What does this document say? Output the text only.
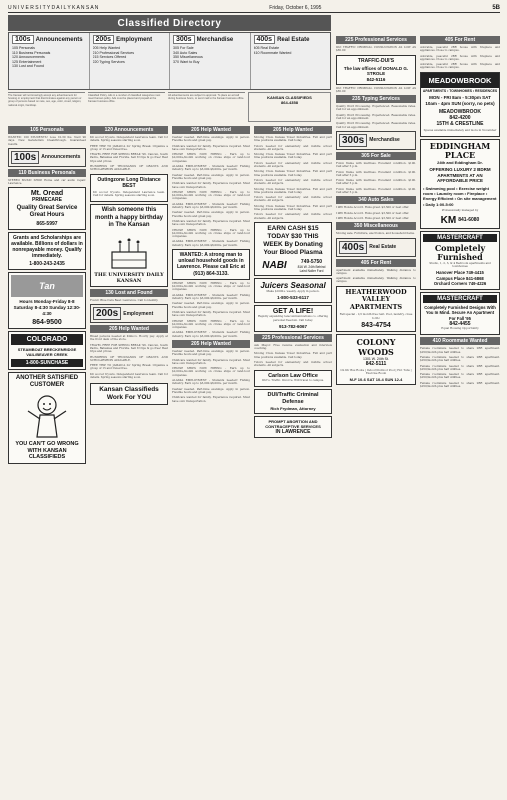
U N I V E R S I T Y D A I L Y K A N S A N	Friday, October 6, 1995	5B
Classified Directory
100s Announcements
105 Personals
110 Business Personals
120 Announcements
125 Entertainment
130 Lost and Found
200s Employment
205 Help Wanted
210 Professional Services
215 Services Offered
220 Typing Services
300s Merchandise
305 For Sale
340 Auto Sales
350 Miscellaneous
370 Want to Buy
400s Real Estate
405 Real Estate
410 Roommate Wanted
The Kansan will not knowingly accept any advertisement for housing or employment that discriminates against any person or group of persons based on race, sex, age, color, creed, religion, national origin, handicap.
Classified Policy. Ads in a number of classified categories must meet Kansan policy. Ads must be placed and prepaid at the Kansan business office.
All advertisements are subject to approval. To place an ad call during business hours, or send mail to the Kansan business office.	KANSAN CLASSIFIEDS
864-4358
105 Personals
WANTED: 100 STUDENTS! Lose 10-30 lbs. Next 90 days. New metabolism breakthrough. Guaranteed results.
100s	Announcements
110 Business Personals
STEREO MUSIC SHOP. Home and car audio repair. Lawrence.
Mt. Oread
PRIMECARE
Quality Great Service Great Hours
865-5997
Grants and Scholarships are available. Billions of dollars in nonrepayable money. Qualify immediately.
1-800-243-2435
Tan
Hours Monday-Friday 8-8 Saturday 8-4:30 Sunday 12:30-4:30
864-9500
COLORADO
STEAMBOAT BRECKENRIDGE VAIL/BEAVER CREEK
1-800-SUNCHASE
ANOTHER SATISFIED CUSTOMER
YOU CAN'T GO WRONG WITH KANSAN CLASSIFIEDS
120 Announcements
KU soccer tryouts. Independent Lawrence team. Call for details. Spring seasons starting soon.
FREE TRIP TO JAMAICA for Spring Break. Organize a group of 15 and travel free.
TRAVEL FREE FOR SPRING BREAK '96. Cancun, South Padre, Bahamas and Florida. Sell 8 trips & go free! Best trips and prices.
HUNDREDS OF THOUSANDS OF GRANTS AND SCHOLARSHIPS AVAILABLE.
Outingzone Long Distance BEST
KU soccer tryouts. Independent Lawrence team. Call for details. Spring seasons starting soon.
Wish someone this month a happy birthday in The Kansan
THE UNIVERSITY DAILY KANSAN
130 Lost and Found
Found: Blue Care Bear. Lawrence. Call to identify.
200s	Employment
205 Help Wanted
Bread persons needed at Kinko's. Hourly pay. Apply at the front desk of the store.
TRAVEL FREE FOR SPRING BREAK '96. Cancun, South Padre, Bahamas and Florida. Sell 8 trips & go free! Best trips and prices.
HUNDREDS OF THOUSANDS OF GRANTS AND SCHOLARSHIPS AVAILABLE.
FREE TRIP TO JAMAICA for Spring Break. Organize a group of 15 and travel free.
KU soccer tryouts. Independent Lawrence team. Call for details. Spring seasons starting soon.
Kansan Classifieds Work For YOU
205 Help Wanted
Cashier needed. Part-time evenings. Apply in person. Flexible hours and great pay.
Childcare wanted for family. Experience required. Must have own transportation.
CRUISE SHIPS NOW HIRING - Earn up to $2,000+/month working on cruise ships or land-tour companies.
ALASKA EMPLOYMENT - Students needed! Fishing industry. Earn up to $3,000-$6,000+ per month.
Cashier needed. Part-time evenings. Apply in person. Flexible hours and great pay.
Childcare wanted for family. Experience required. Must have own transportation.
CRUISE SHIPS NOW HIRING - Earn up to $2,000+/month working on cruise ships or land-tour companies.
ALASKA EMPLOYMENT - Students needed! Fishing industry. Earn up to $3,000-$6,000+ per month.
Cashier needed. Part-time evenings. Apply in person. Flexible hours and great pay.
Childcare wanted for family. Experience required. Must have own transportation.
CRUISE SHIPS NOW HIRING - Earn up to $2,000+/month working on cruise ships or land-tour companies.
ALASKA EMPLOYMENT - Students needed! Fishing industry. Earn up to $3,000-$6,000+ per month.
WANTED: A strong man to unload household goods in Lawrence. Please call Eric at (913) 864-3133.
CRUISE SHIPS NOW HIRING - Earn up to $2,000+/month working on cruise ships or land-tour companies.
ALASKA EMPLOYMENT - Students needed! Fishing industry. Earn up to $3,000-$6,000+ per month.
Cashier needed. Part-time evenings. Apply in person. Flexible hours and great pay.
Childcare wanted for family. Experience required. Must have own transportation.
CRUISE SHIPS NOW HIRING - Earn up to $2,000+/month working on cruise ships or land-tour companies.
ALASKA EMPLOYMENT - Students needed! Fishing industry. Earn up to $3,000-$6,000+ per month.
205 Help Wanted
Cashier needed. Part-time evenings. Apply in person. Flexible hours and great pay.
Childcare wanted for family. Experience required. Must have own transportation.
CRUISE SHIPS NOW HIRING - Earn up to $2,000+/month working on cruise ships or land-tour companies.
ALASKA EMPLOYMENT - Students needed! Fishing industry. Earn up to $3,000-$6,000+ per month.
Cashier needed. Part-time evenings. Apply in person. Flexible hours and great pay.
Childcare wanted for family. Experience required. Must have own transportation.
205 Help Wanted
Moving Crew. Kansas Tower Industries. Full and part time positions available. Call today.
Tutors needed for elementary and middle school students. All subjects.
Moving Crew. Kansas Tower Industries. Full and part time positions available. Call today.
Tutors needed for elementary and middle school students. All subjects.
Moving Crew. Kansas Tower Industries. Full and part time positions available. Call today.
Tutors needed for elementary and middle school students. All subjects.
Moving Crew. Kansas Tower Industries. Full and part time positions available. Call today.
Tutors needed for elementary and middle school students. All subjects.
Moving Crew. Kansas Tower Industries. Full and part time positions available. Call today.
Tutors needed for elementary and middle school students. All subjects.
EARN CASH $15 TODAY $30 THIS WEEK By Donating Your Blood Plasma
NABI	749-5750
816 W. 24th Behind Laird Noller Ford
Juicers Seasonal
Make $1000+ weekly. Apply in person.
1-800-533-6117
GET A LIFE!
Rapidly expanding telecommunications co. offering personal freedom. Call today.
913-782-6067
225 Professional Services
Ask Mayor. Free resume evaluation and interview coaching.
Moving Crew. Kansas Tower Industries. Full and part time positions available. Call today.
Tutors needed for elementary and middle school students. All subjects.
Carlson Law Office
DUI's. Traffic. Divorce. Will travel to campus.
DUI/Traffic Criminal Defense
Rich Frydman, Attorney
PROMPT ABORTION AND CONTRACEPTIVE SERVICES
IN LAWRENCE
225 Professional Services
DUI TRAFFIC CRIMINAL CONSULTATION AS LOW AS $65.00
TRAFFIC-DUI'S
The law offices of DONALD G. STROLE
842-5116
DUI TRAFFIC CRIMINAL CONSULTATION AS LOW AS $65.00
235 Typing Services
Quality Word Processing. Experienced. Reasonable rates. Call for an appointment.
Quality Word Processing. Experienced. Reasonable rates. Call for an appointment.
Quality Word Processing. Experienced. Reasonable rates. Call for an appointment.
300s	Merchandise
305 For Sale
Futon frame with mattress. Excellent condition. $100. Call after 5 p.m.
Futon frame with mattress. Excellent condition. $100. Call after 5 p.m.
Futon frame with mattress. Excellent condition. $100. Call after 5 p.m.
Futon frame with mattress. Excellent condition. $100. Call after 5 p.m.
340 Auto Sales
1986 Honda Accord. Runs great. $3,500 or best offer.
1986 Honda Accord. Runs great. $3,500 or best offer.
1986 Honda Accord. Runs great. $3,500 or best offer.
350 Miscellaneous
Moving sale. Furniture, electronics, and household items.
400s	Real Estate
405 For Rent
Apartment available immediately. Walking distance to campus.
Apartment available immediately. Walking distance to campus.
HEATHERWOOD VALLEY APARTMENTS
Fall special - 1/2 month free rent. Pool, laundry, close to KU.
843-4754
COLONY WOODS
1301 W. 24th St.
842-5111
On KU Bus Route | Indoor/Outdoor Pool | Hot Tubs | Exercise Room
M-F 10-6 SAT 10-4 SUN 12-4
405 For Rent
Adorable, peaceful 2BR house with fireplace and appliances. Close to campus.
Adorable, peaceful 2BR house with fireplace and appliances. Close to campus.
Adorable, peaceful 2BR house with fireplace and appliances. Close to campus.
MEADOWBROOK
APARTMENTS • TOWNHOMES • RESIDENCES
MON - FRI 8am - 5:30pm SAT 10am - 4pm SUN (sorry, no pets)
MEADOWBROOK
842-4200
15TH & CRESTLINE
Spaces available immediately and more in November
EDDINGHAM PLACE
24th and Eddingham Dr.
OFFERING LUXURY 2 BDRM APARTMENTS AT AN AFFORDABLE PRICE
• Swimming pool • Exercise weight room • Laundry room • Fireplace • Energy Efficient • On site management • Daily 1:00-5:00
Professionally managed by
KM 841-6080
MASTERCRAFT
Completely Furnished
Studio, 1, 2, 3, & 4 Bedroom apartments and townhomes
Hanover Place 749-4415
Campus Place 841-6868
Orchard Corners 749-4226
MASTERCRAFT
Completely Furnished Designs With You In Mind. Secure An Apartment For Fall '95
842-4455
Equal Housing Opportunity
410 Roommate Wanted
Female roommate needed to share 2BR apartment. $250/month plus half utilities.
Female roommate needed to share 2BR apartment. $250/month plus half utilities.
Female roommate needed to share 2BR apartment. $250/month plus half utilities.
Female roommate needed to share 2BR apartment. $250/month plus half utilities.
Female roommate needed to share 2BR apartment. $250/month plus half utilities.
